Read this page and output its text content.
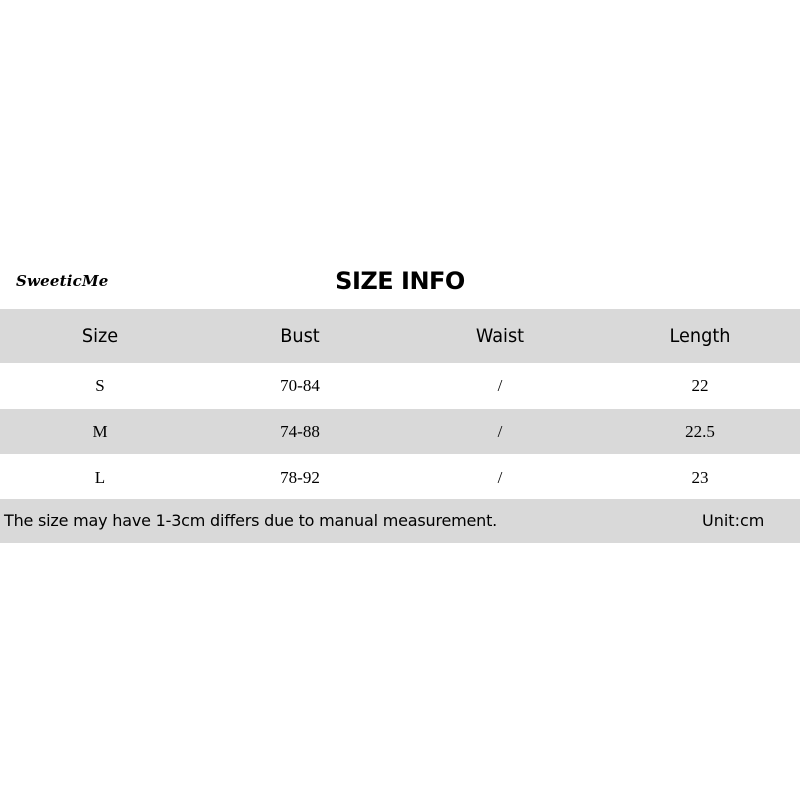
SweeticMe	SIZE INFO
Size	Bust	Waist	Length
S	70-84	/	22
M	74-88	/	22.5
L	78-92	/	23
The size may have 1-3cm differs due to manual measurement.	Unit:cm
